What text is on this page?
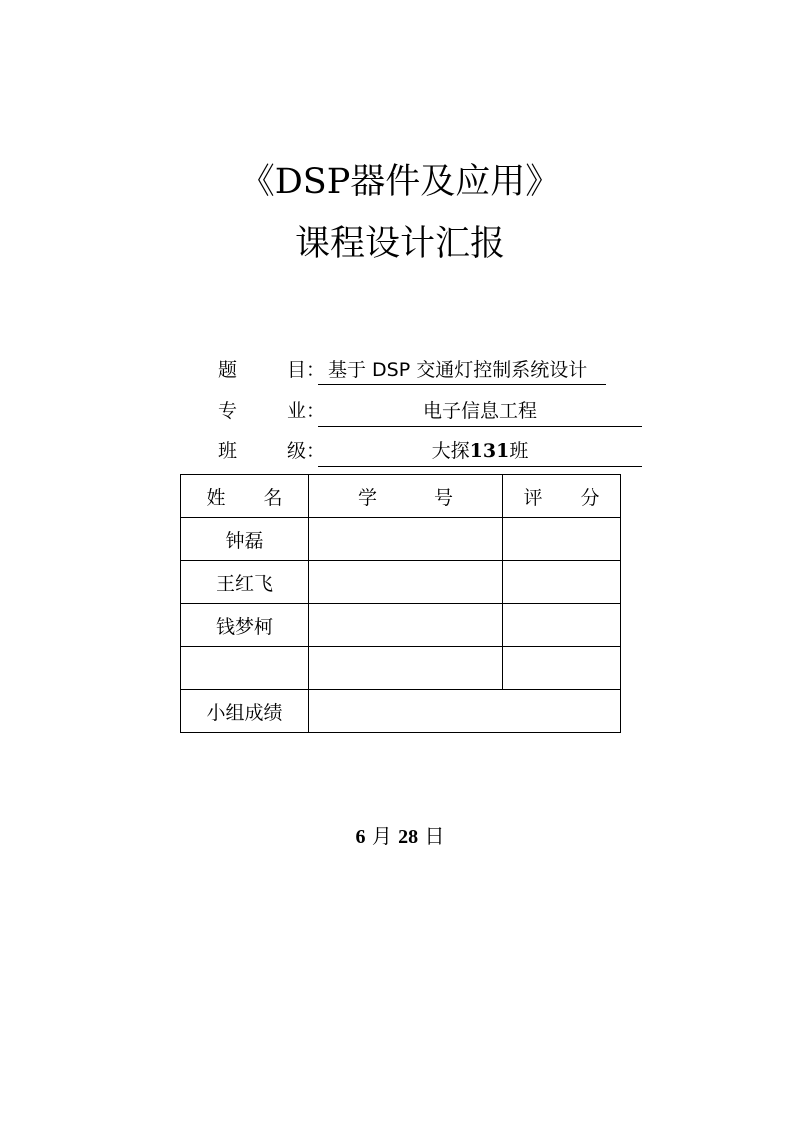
《DSP器件及应用》
课程设计汇报
题目 ： 基于 DSP 交通灯控制系统设计
专业 ：	电子信息工程
班级 ：	大探131班
姓　　名	学　　　号	评　　分
钟磊		
王红飞		
钱梦柯		

小组成绩		
6 月 28 日
